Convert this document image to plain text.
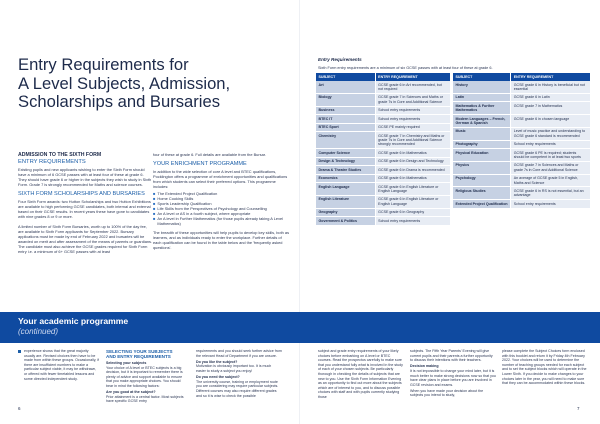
Entry Requirements for
A Level Subjects, Admission,
Scholarships and Bursaries
ADMISSION TO THE SIXTH FORM
ENTRY REQUIREMENTS

Existing pupils and new applicants wishing to enter the Sixth Form should have a minimum of 6 GCSE passes with at least four of these at grade 6. They should have grade 6 or higher in the subjects they wish to study in Sixth Form. Grade 7 is strongly recommended for Maths and science courses.

SIXTH FORM SCHOLARSHIPS AND BURSARIES

Four Sixth Form awards: two Hutton Scholarships and two Hutton Exhibitions are available to high performing GCSE candidates, both internal and external based on their GCSE results. In recent years these have gone to candidates with nine grades 8 or 9 or more.

A limited number of Sixth Form Bursaries, worth up to 100% of the day fee, are available to Sixth Form applicants for September 2022. Bursary applications must be made by end of February 2022 and bursaries will be awarded on merit and after assessment of the means of parents or guardians. The candidate must also achieve the GCSE grades required for Sixth Form entry i.e. a minimum of 6+ GCSE passes with at least

four of these at grade 6. Full details are available from the Bursar.

YOUR ENRICHMENT PROGRAMME

In addition to the wide selection of core A level and BTEC qualifications, Pocklington offers a programme of enrichment opportunities and qualifications from which students can select their preferred options. This programme includes:

■ The Extended Project Qualification
■ Home Cooking Skills
■ Sports Leadership Qualification
■ Life Skills from the Perspectives of Psychology and Counselling
■ An A level or AS in a fourth subject, where appropriate
■ An A level in Further Mathematics (for those pupils already taking A Level Mathematics)

The breadth of these opportunities will help pupils to develop key skills, both as learners, and as individuals ready to enter the workplace. Further details of each qualification can be found in the table below and the 'frequently asked questions'.

Entry Requirements
Sixth Form entry requirements are a minimum of six GCSE passes with at least four of these at grade 6.
SUBJECT	ENTRY REQUIREMENT
Art	GCSE grade 6 in Art recommended, but not required
Biology	GCSE grade 7 in Sciences and Maths or grade 7s in Core and Additional Science
Business	School entry requirements
BTEC IT	School entry requirements
BTEC Sport	GCSE PE mainly required
Chemistry	GCSE grade 7 in Chemistry and Maths or grade 7s in Core and Additional Science strongly recommended
Computer Science	GCSE grade 6 in Mathematics
Design & Technology	GCSE grade 6 in Design and Technology
Drama & Theatre Studies	GCSE grade 6 in Drama is recommended
Economics	GCSE grade 6 in Mathematics
English Language	GCSE grade 6 in English Literature or English Language
English Literature	GCSE grade 6 in English Literature or English Language
Geography	GCSE grade 6 in Geography
Government & Politics	School entry requirements
SUBJECT	ENTRY REQUIREMENT
History	GCSE grade 6 in History is beneficial but not essential
Latin	GCSE grade 6 in Latin
Mathematics & Further Mathematics	GCSE grade 7 in Mathematics
Modern Languages – French, German & Spanish	GCSE grade 6 in chosen language
Music	Level of music practice and understanding to GCSE grade 6 standard is recommended
Photography	School entry requirements
Physical Education	GCSE grade 6 PE is required; students should be competent in at least two sports
Physics	GCSE grade 7 in Sciences and Maths or grade 7s in Core and Additional Science
Psychology	An average of GCSE grade 5 in English, Maths and Science
Religious Studies	GCSE grade 6 in RS is not essential, but an advantage
Extended Project Qualification	School entry requirements
Your academic programme
(continued)

experience shows that the great majority usually are. Revised choices then have to be made from within these groups. Occasionally, if there are insufficient numbers to make a particular subject viable, it may be withdrawn, or offered with fewer timetabled lessons and some directed independent study.

SELECTING YOUR SUBJECTS
AND ENTRY REQUIREMENTS
Selecting your subjects

Your choice of A level or BTEC subjects is a big decision, but it is important to remember there is plenty of advice and support available to ensure that you make appropriate choices. You should bear in mind the following factors:

Are you good at the subject?

Prior attainment is a central factor. Most subjects have specific GCSE entry

requirements and you should seek further advice from the relevant Head of Department if you are unsure.

Do you like the subject?

Motivation is obviously important too. It is much easier to study a subject you enjoy!

Do you need the subject?

The university course, training or employment route you are considering may require particular subjects. Different courses may also require different grades and so it is wise to check the possible

subject and grade entry requirements of your likely choices before embarking on A level or BTEC courses. Read the prospectus carefully to make sure that you understand fully what is involved in the study of each of your chosen subjects. Be particularly thorough in checking the details of subjects that are new to you. Use the Sixth Form Information Evening as an opportunity to find out more about the subjects which are of interest to you, and to discuss possible choices with staff and with pupils currently studying those

subjects. The Fifth Year Parents' Evening will give current pupils and their parents a further opportunity to discuss their intentions with their teachers.

Decision making

It is not impossible to change your mind later, but it is much better to make strong decisions now so that you have clear plans in place before you are involved in GCSE revision and exams.

When you have made your decision about the subjects you intend to study,

please complete the Subject Choices form enclosed with this booklet and return it by Friday 4th February 2022. Your choices will be used to determine the number of teaching groups needed for each subject and to set the subject blocks which will operate in the Lower Sixth. If you decide to make changes to your choices later in the year, you will need to make sure that they can be accommodated within these blocks.

6	7
